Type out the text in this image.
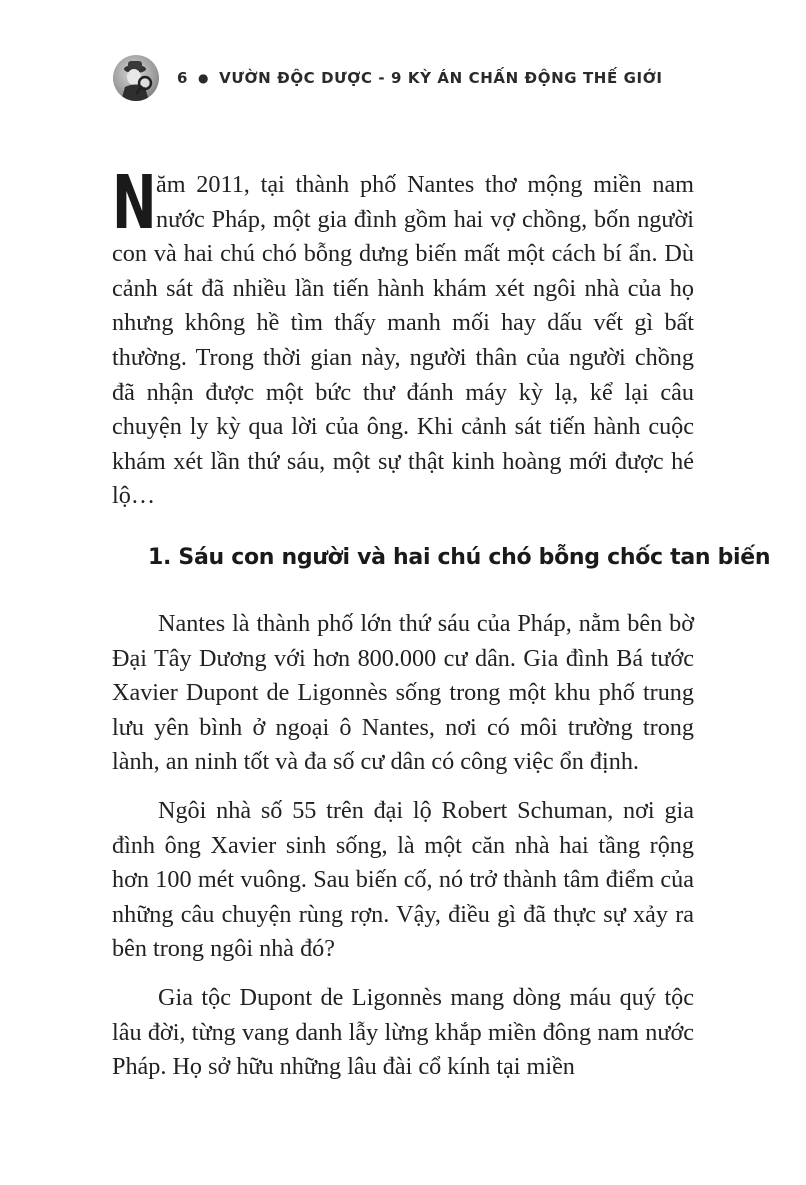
6 ● VƯỜN ĐỘC DƯỢC - 9 KỲ ÁN CHẤN ĐỘNG THẾ GIỚI
N ăm 2011, tại thành phố Nantes thơ mộng miền nam nước Pháp, một gia đình gồm hai vợ chồng, bốn người con và hai chú chó bỗng dưng biến mất một cách bí ẩn. Dù cảnh sát đã nhiều lần tiến hành khám xét ngôi nhà của họ nhưng không hề tìm thấy manh mối hay dấu vết gì bất thường. Trong thời gian này, người thân của người chồng đã nhận được một bức thư đánh máy kỳ lạ, kể lại câu chuyện ly kỳ qua lời của ông. Khi cảnh sát tiến hành cuộc khám xét lần thứ sáu, một sự thật kinh hoàng mới được hé lộ…
1. Sáu con người và hai chú chó bỗng chốc tan biến

Nantes là thành phố lớn thứ sáu của Pháp, nằm bên bờ Đại Tây Dương với hơn 800.000 cư dân. Gia đình Bá tước Xavier Dupont de Ligonnès sống trong một khu phố trung lưu yên bình ở ngoại ô Nantes, nơi có môi trường trong lành, an ninh tốt và đa số cư dân có công việc ổn định.

Ngôi nhà số 55 trên đại lộ Robert Schuman, nơi gia đình ông Xavier sinh sống, là một căn nhà hai tầng rộng hơn 100 mét vuông. Sau biến cố, nó trở thành tâm điểm của những câu chuyện rùng rợn. Vậy, điều gì đã thực sự xảy ra bên trong ngôi nhà đó?

Gia tộc Dupont de Ligonnès mang dòng máu quý tộc lâu đời, từng vang danh lẫy lừng khắp miền đông nam nước Pháp. Họ sở hữu những lâu đài cổ kính tại miền
